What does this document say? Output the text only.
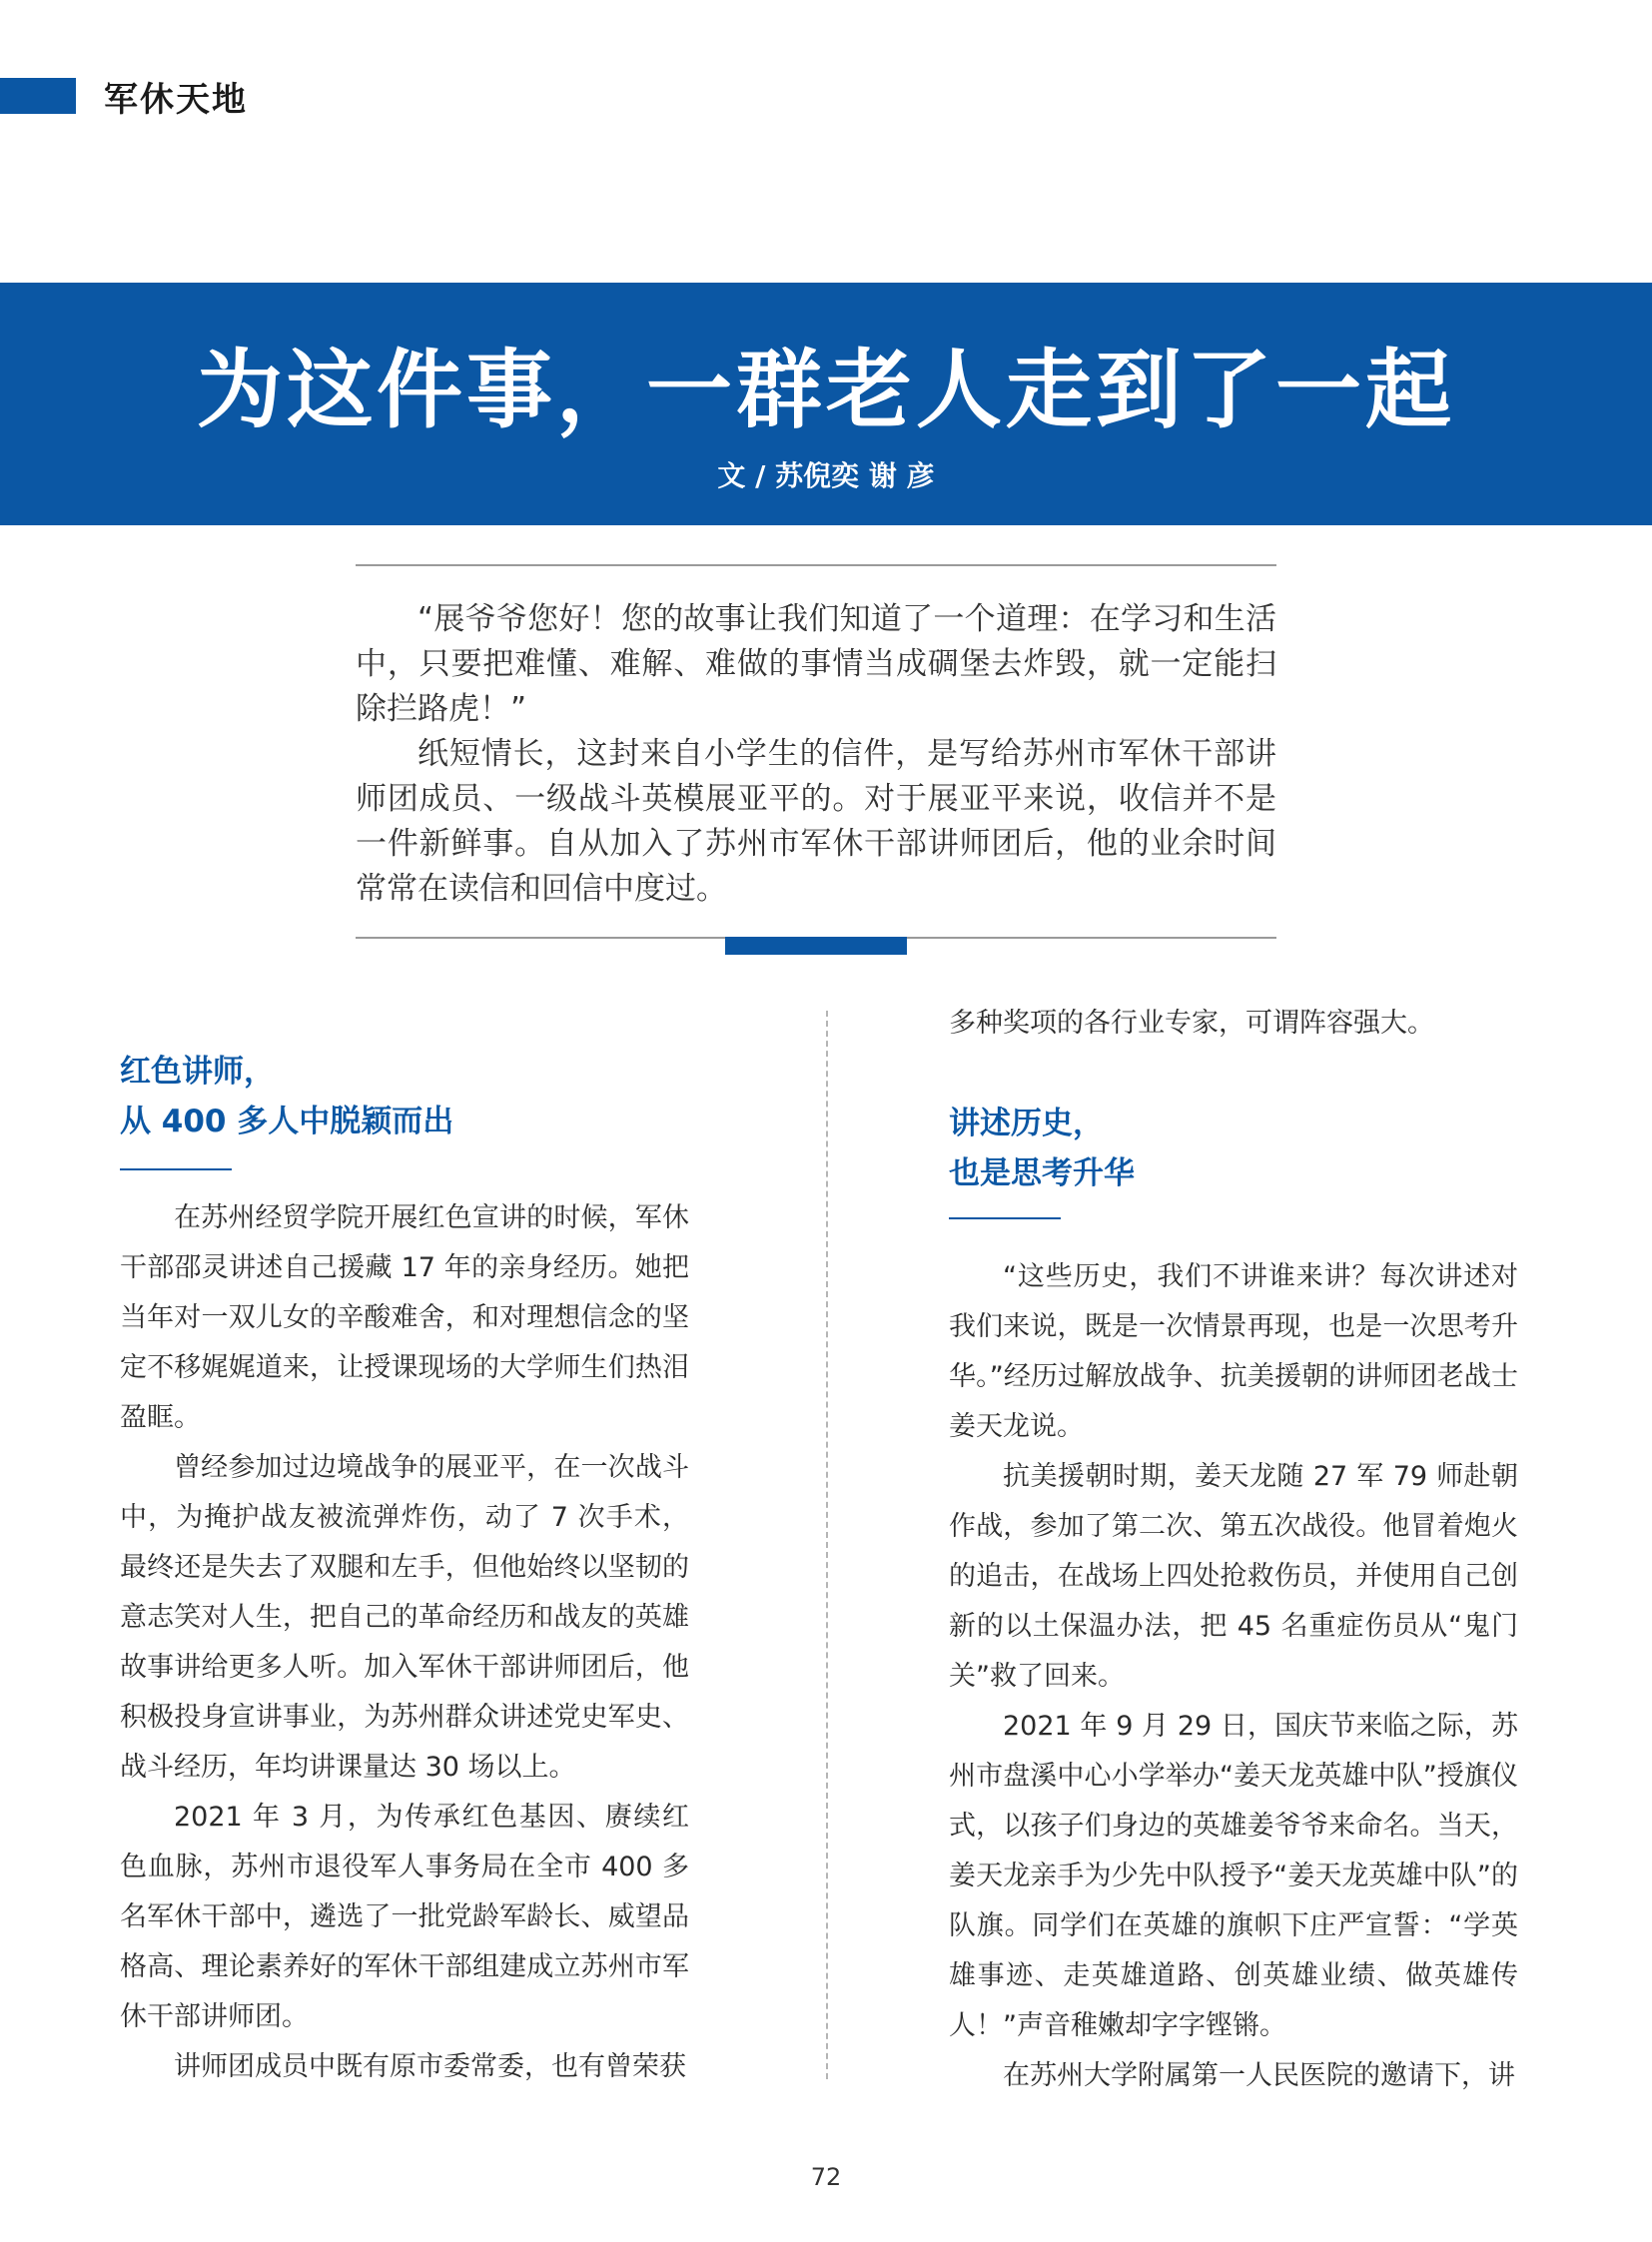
军休天地
为这件事，一群老人走到了一起
文 / 苏倪奕 谢 彦

“展爷爷您好！您的故事让我们知道了一个道理：在学习和生活中，只要把难懂、难解、难做的事情当成碉堡去炸毁，就一定能扫除拦路虎！”

纸短情长，这封来自小学生的信件，是写给苏州市军休干部讲师团成员、一级战斗英模展亚平的。对于展亚平来说，收信并不是一件新鲜事。自从加入了苏州市军休干部讲师团后，他的业余时间常常在读信和回信中度过。

红色讲师，
从 400 多人中脱颖而出

在苏州经贸学院开展红色宣讲的时候，军休干部邵灵讲述自己援藏 17 年的亲身经历。她把当年对一双儿女的辛酸难舍，和对理想信念的坚定不移娓娓道来，让授课现场的大学师生们热泪盈眶。

曾经参加过边境战争的展亚平，在一次战斗中，为掩护战友被流弹炸伤，动了 7 次手术，最终还是失去了双腿和左手，但他始终以坚韧的意志笑对人生，把自己的革命经历和战友的英雄故事讲给更多人听。加入军休干部讲师团后，他积极投身宣讲事业，为苏州群众讲述党史军史、战斗经历，年均讲课量达 30 场以上。

2021 年 3 月，为传承红色基因、赓续红色血脉，苏州市退役军人事务局在全市 400 多名军休干部中，遴选了一批党龄军龄长、威望品格高、理论素养好的军休干部组建成立苏州市军休干部讲师团。

讲师团成员中既有原市委常委，也有曾荣获

多种奖项的各行业专家，可谓阵容强大。

讲述历史，
也是思考升华

“这些历史，我们不讲谁来讲？每次讲述对我们来说，既是一次情景再现，也是一次思考升华。”经历过解放战争、抗美援朝的讲师团老战士姜天龙说。

抗美援朝时期，姜天龙随 27 军 79 师赴朝作战，参加了第二次、第五次战役。他冒着炮火的追击，在战场上四处抢救伤员，并使用自己创新的以土保温办法，把 45 名重症伤员从“鬼门关”救了回来。

2021 年 9 月 29 日，国庆节来临之际，苏州市盘溪中心小学举办“姜天龙英雄中队”授旗仪式，以孩子们身边的英雄姜爷爷来命名。当天，姜天龙亲手为少先中队授予“姜天龙英雄中队”的队旗。同学们在英雄的旗帜下庄严宣誓：“学英雄事迹、走英雄道路、创英雄业绩、做英雄传人！”声音稚嫩却字字铿锵。

在苏州大学附属第一人民医院的邀请下，讲

72
